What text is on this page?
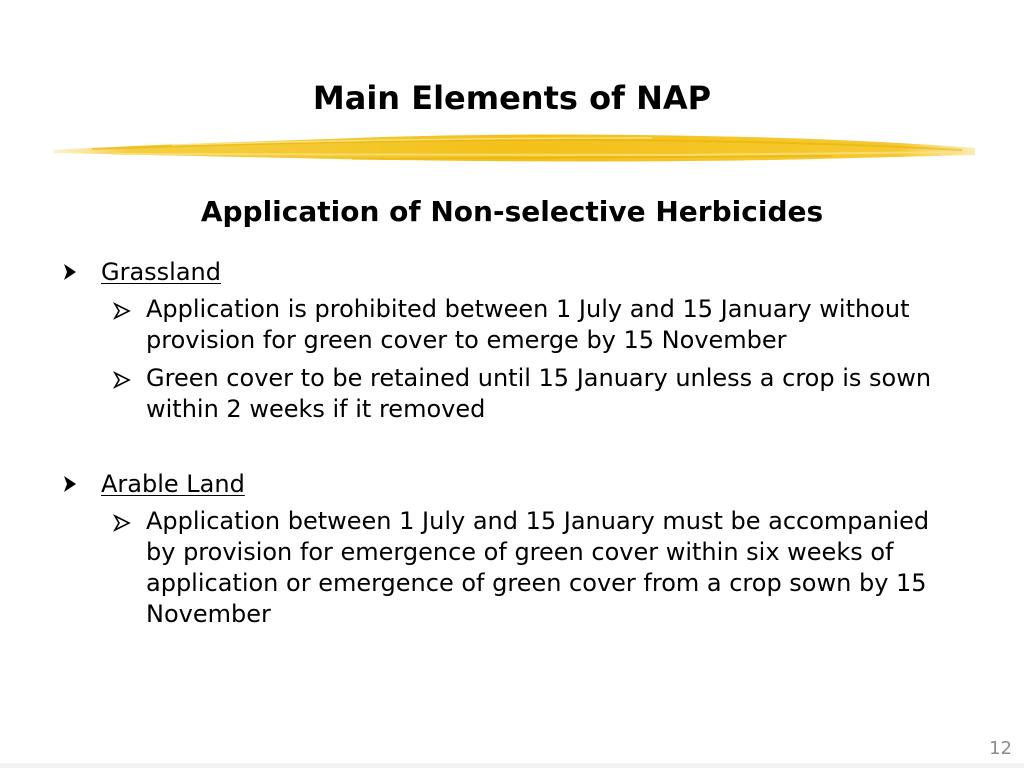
Main Elements of NAP
Application of Non-selective Herbicides
Grassland
Application is prohibited between 1 July and 15 January without provision for green cover to emerge by 15 November
Green cover to be retained until 15 January unless a crop is sown within 2 weeks if it removed
Arable Land
Application between 1 July and 15 January must be accompanied by provision for emergence of green cover within six weeks of application or emergence of green cover from a crop sown by 15 November
12
